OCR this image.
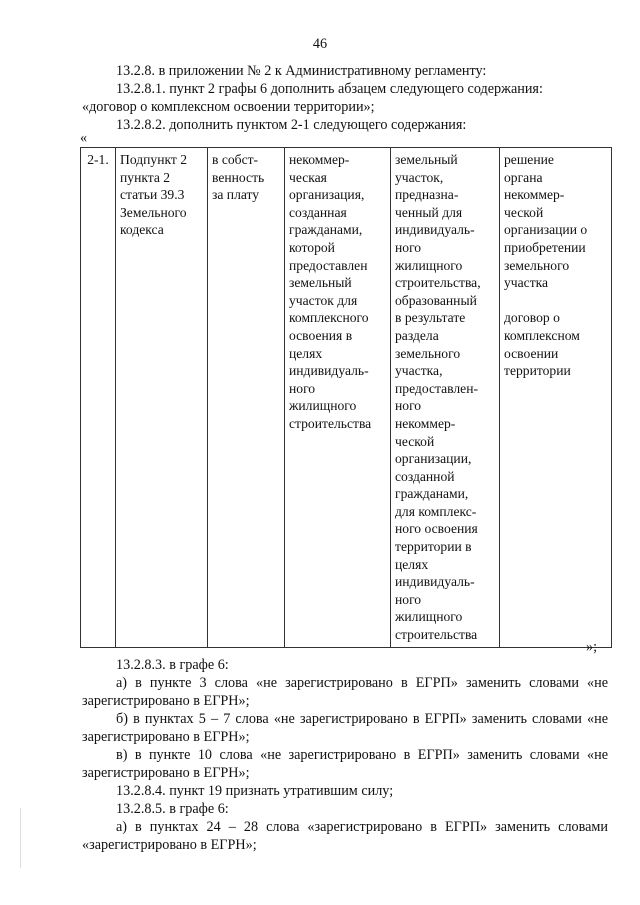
46
13.2.8. в приложении № 2 к Административному регламенту:
13.2.8.1. пункт 2 графы 6 дополнить абзацем следующего содержания:
«договор о комплексном освоении территории»;
13.2.8.2. дополнить пунктом 2-1 следующего содержания:
«
2-1.	Подпункт 2
пункта 2
статьи 39.3
Земельного
кодекса	в собст-
венность
за плату	некоммер-
ческая
организация,
созданная
гражданами,
которой
предоставлен
земельный
участок для
комплексного
освоения в
целях
индивидуаль-
ного
жилищного
строительства	земельный
участок,
предназна-
ченный для
индивидуаль-
ного
жилищного
строительства,
образованный
в результате
раздела
земельного
участка,
предоставлен-
ного
некоммер-
ческой
организации,
созданной
гражданами,
для комплекс-
ного освоения
территории в
целях
индивидуаль-
ного
жилищного
строительства	решение
органа
некоммер-
ческой
организации о
приобретении
земельного
участка

договор о
комплексном
освоении
территории
»;
13.2.8.3. в графе 6:
а) в пункте 3 слова «не зарегистрировано в ЕГРП» заменить словами «не зарегистрировано в ЕГРН»;
б) в пунктах 5 – 7 слова «не зарегистрировано в ЕГРП» заменить словами «не зарегистрировано в ЕГРН»;
в) в пункте 10 слова «не зарегистрировано в ЕГРП» заменить словами «не зарегистрировано в ЕГРН»;
13.2.8.4. пункт 19 признать утратившим силу;
13.2.8.5. в графе 6:
а) в пунктах 24 – 28 слова «зарегистрировано в ЕГРП» заменить словами «зарегистрировано в ЕГРН»;
